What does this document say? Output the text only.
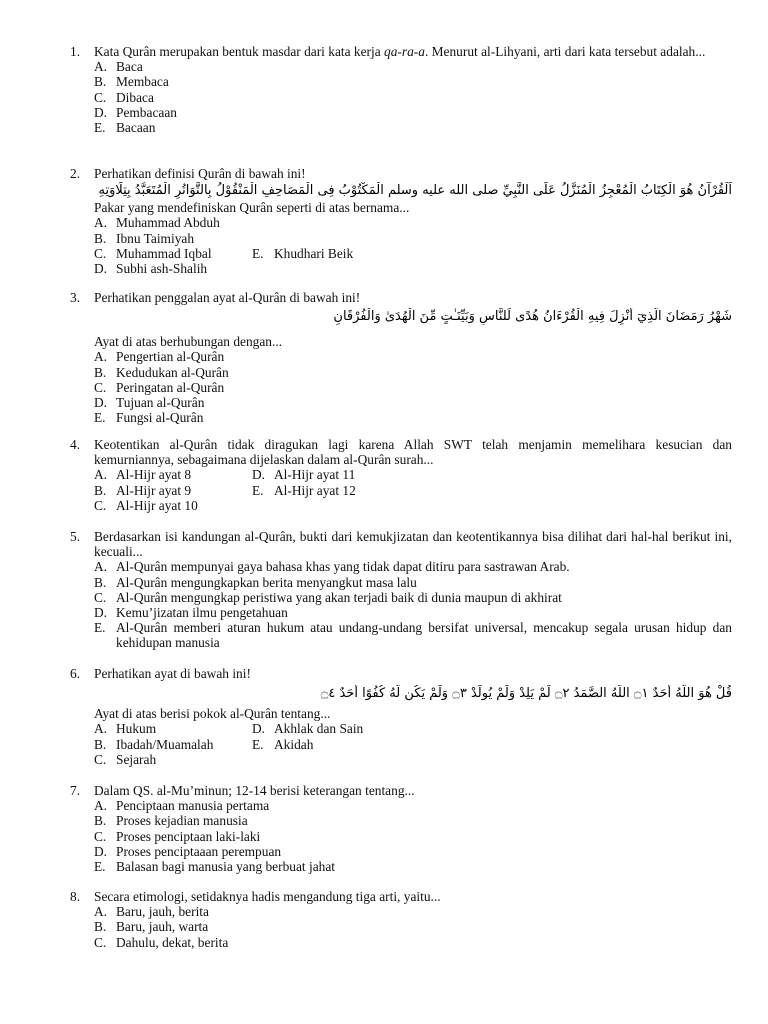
1.	Kata Qurân merupakan bentuk masdar dari kata kerja qa-ra-a. Menurut al-Lihyani, arti dari kata tersebut adalah...
A. Baca
B. Membaca
C. Dibaca
D. Pembacaan
E. Bacaan
2.	Perhatikan definisi Qurân di bawah ini!
اَلْقُرْآنُ هُوَ الْكِتَابُ الْمُعْجِزُ الْمُنَزَّلُ عَلَى النَّبِيِّ صلى الله عليه وسلم الْمَكْتُوْبُ فِى الْمَصَاحِفِ الْمَنْقُوْلُ بِالتَّوَاتُرِ الْمُتَعَبَّدُ بِتِلَاوَتِهِ
Pakar yang mendefiniskan Qurân seperti di atas bernama...
A. Muhammad Abduh
B. Ibnu Taimiyah
C. Muhammad Iqbal	E. Khudhari Beik
D. Subhi ash-Shalih
3.	Perhatikan penggalan ayat al-Qurân di bawah ini!
شَهْرُ رَمَضَانَ الَّذِيٓ أُنْزِلَ فِيهِ الْقُرْءَانُ هُدًى لِّلنَّاسِ وَبَيِّنَـٰتٍ مِّنَ الْهُدَىٰ وَالْفُرْقَانِ
Ayat di atas berhubungan dengan...
A. Pengertian al-Qurân
B. Kedudukan al-Qurân
C. Peringatan al-Qurân
D. Tujuan al-Qurân
E. Fungsi al-Qurân
4.	Keotentikan al-Qurân tidak diragukan lagi karena Allah SWT telah menjamin memelihara kesucian dan kemurniannya, sebagaimana dijelaskan dalam al-Qurân surah...
A. Al-Hijr ayat 8	D. Al-Hijr ayat 11
B. Al-Hijr ayat 9	E. Al-Hijr ayat 12
C. Al-Hijr ayat 10
5.	Berdasarkan isi kandungan al-Qurân, bukti dari kemukjizatan dan keotentikannya bisa dilihat dari hal-hal berikut ini, kecuali...
A. Al-Qurân mempunyai gaya bahasa khas yang tidak dapat ditiru para sastrawan Arab.
B. Al-Qurân mengungkapkan berita menyangkut masa lalu
C. Al-Qurân mengungkap peristiwa yang akan terjadi baik di dunia maupun di akhirat
D. Kemu’jizatan ilmu pengetahuan
E. Al-Qurân memberi aturan hukum atau undang-undang bersifat universal, mencakup segala urusan hidup dan kehidupan manusia
6.	Perhatikan ayat di bawah ini!
قُلْ هُوَ اللَّهُ أَحَدٌ ۝١ اللَّهُ الصَّمَدُ ۝٢ لَمْ يَلِدْ وَلَمْ يُولَدْ ۝٣ وَلَمْ يَكُن لَّهُ كُفُوًا أَحَدٌ ۝٤
Ayat di atas berisi pokok al-Qurân tentang...
A. Hukum	D. Akhlak dan Sain
B. Ibadah/Muamalah	E. Akidah
C. Sejarah
7.	Dalam QS. al-Mu’minun; 12-14 berisi keterangan tentang...
A. Penciptaan manusia pertama
B. Proses kejadian manusia
C. Proses penciptaan laki-laki
D. Proses penciptaaan perempuan
E. Balasan bagi manusia yang berbuat jahat
8.	Secara etimologi, setidaknya hadis mengandung tiga arti, yaitu...
A. Baru, jauh, berita
B. Baru, jauh, warta
C. Dahulu, dekat, berita
